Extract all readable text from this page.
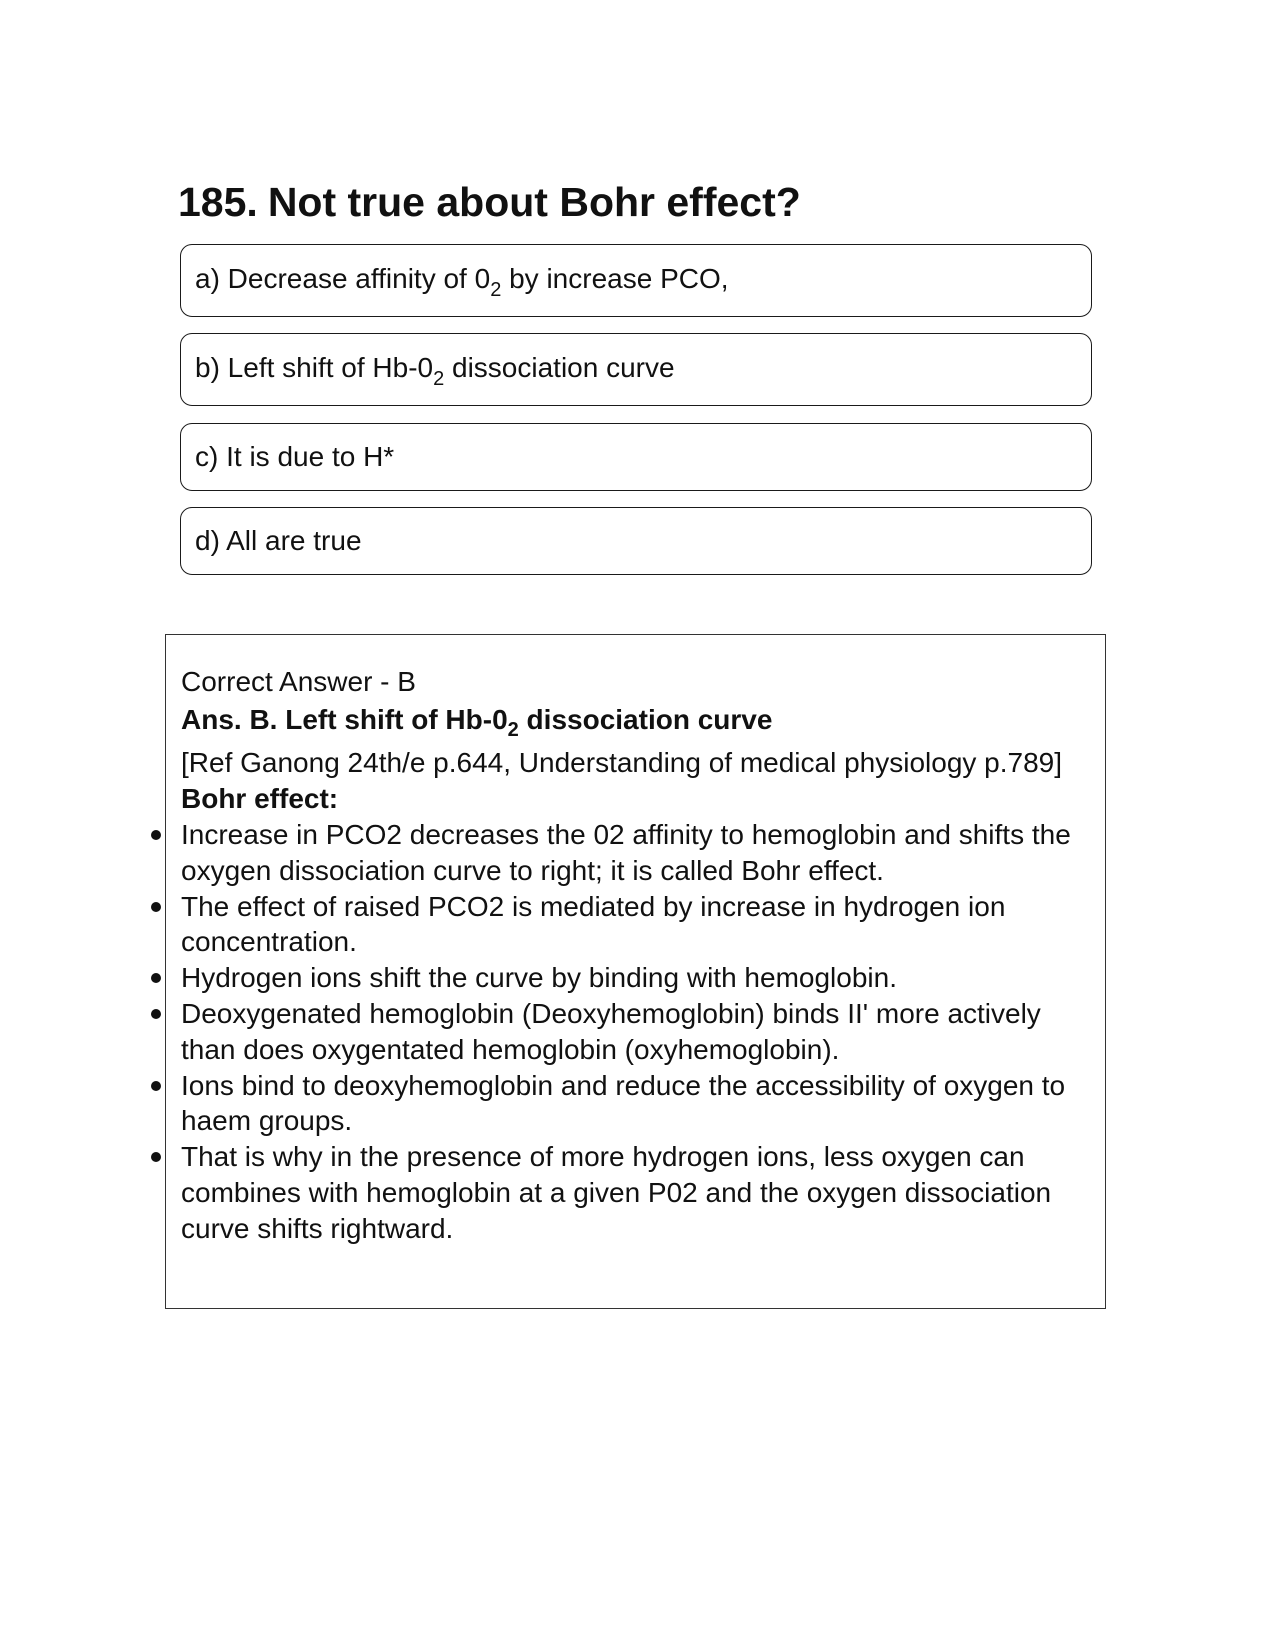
185. Not true about Bohr effect?
a) Decrease affinity of $0_2$ by increase PCO,
b) Left shift of $Hb-0_2$ dissociation curve
c) It is due to H*
d) All are true

Correct Answer - B

Ans. B. Left shift of $Hb-0_2$ dissociation curve

[Ref Ganong 24th/e p.644, Understanding of medical physiology p.789]

Bohr effect:

Increase in PCO2 decreases the 02 affinity to hemoglobin and shifts the oxygen dissociation curve to right; it is called Bohr effect.
The effect of raised PCO2 is mediated by increase in hydrogen ion concentration.
Hydrogen ions shift the curve by binding with hemoglobin.
Deoxygenated hemoglobin (Deoxyhemoglobin) binds II' more actively than does oxygentated hemoglobin (oxyhemoglobin).
Ions bind to deoxyhemoglobin and reduce the accessibility of oxygen to haem groups.
That is why in the presence of more hydrogen ions, less oxygen can combines with hemoglobin at a given P02 and the oxygen dissociation curve shifts rightward.
